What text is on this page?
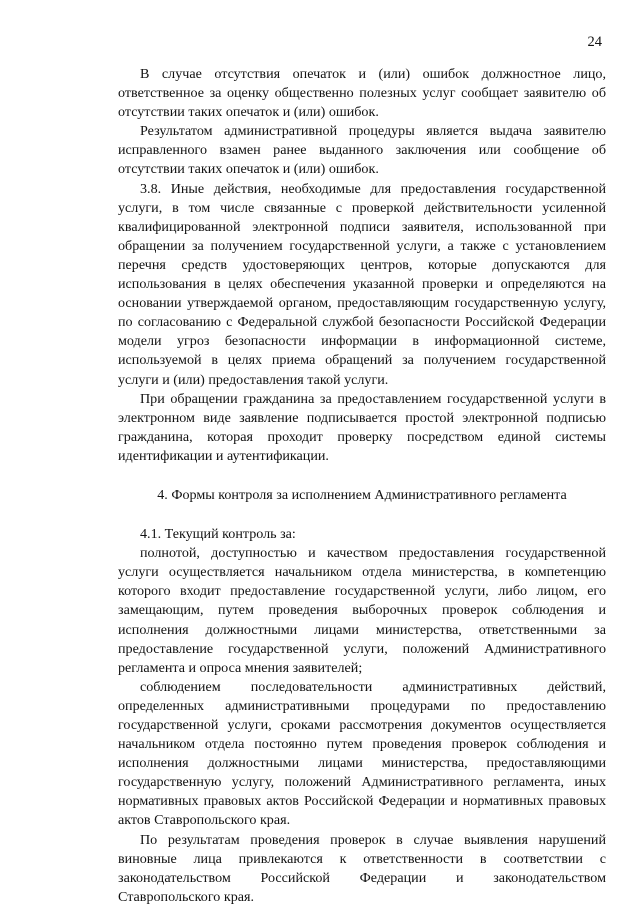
24

В случае отсутствия опечаток и (или) ошибок должностное лицо, ответственное за оценку общественно полезных услуг сообщает заявителю об отсутствии таких опечаток и (или) ошибок.

Результатом административной процедуры является выдача заявителю исправленного взамен ранее выданного заключения или сообщение об отсутствии таких опечаток и (или) ошибок.

3.8. Иные действия, необходимые для предоставления государственной услуги, в том числе связанные с проверкой действительности усиленной квалифицированной электронной подписи заявителя, использованной при обращении за получением государственной услуги, а также с установлением перечня средств удостоверяющих центров, которые допускаются для использования в целях обеспечения указанной проверки и определяются на основании утверждаемой органом, предоставляющим государственную услугу, по согласованию с Федеральной службой безопасности Российской Федерации модели угроз безопасности информации в информационной системе, используемой в целях приема обращений за получением государственной услуги и (или) предоставления такой услуги.

При обращении гражданина за предоставлением государственной услуги в электронном виде заявление подписывается простой электронной подписью гражданина, которая проходит проверку посредством единой системы идентификации и аутентификации.

4. Формы контроля за исполнением Административного регламента

4.1. Текущий контроль за:

полнотой, доступностью и качеством предоставления государственной услуги осуществляется начальником отдела министерства, в компетенцию которого входит предоставление государственной услуги, либо лицом, его замещающим, путем проведения выборочных проверок соблюдения и исполнения должностными лицами министерства, ответственными за предоставление государственной услуги, положений Административного регламента и опроса мнения заявителей;

соблюдением последовательности административных действий, определенных административными процедурами по предоставлению государственной услуги, сроками рассмотрения документов осуществляется начальником отдела постоянно путем проведения проверок соблюдения и исполнения должностными лицами министерства, предоставляющими государственную услугу, положений Административного регламента, иных нормативных правовых актов Российской Федерации и нормативных правовых актов Ставропольского края.

По результатам проведения проверок в случае выявления нарушений виновные лица привлекаются к ответственности в соответствии с законодательством Российской Федерации и законодательством Ставропольского края.
